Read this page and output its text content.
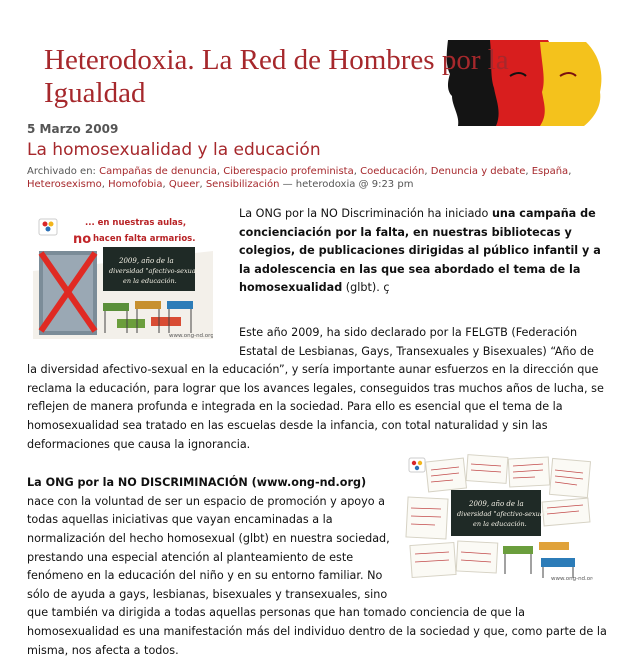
Heterodoxia. La Red de Hombres por la
Igualdad

5 Marzo 2009

La homosexualidad y la educación
Archivado en: Campañas de denuncia, Ciberespacio profeminista, Coeducación, Denuncia y debate, España, Heterosexismo, Homofobia, Queer, Sensibilización — heterodoxia @ 9:23 pm
... en nuestras aulas,
no hacen falta armarios.
2009, año de la
diversidad "afectivo-sexual"
en la educación.
www.ong-nd.org

La ONG por la NO Discriminación ha iniciado una campaña de concienciación por la falta, en nuestras bibliotecas y colegios, de publicaciones dirigidas al público infantil y a la adolescencia en las que sea abordado el tema de la homosexualidad (glbt). ç

Este año 2009, ha sido declarado por la FELGTB (Federación Estatal de Lesbianas, Gays, Transexuales y Bisexuales) “Año de la diversidad afectivo-sexual en la educación”, y sería importante aunar esfuerzos en la dirección que reclama la educación, para lograr que los avances legales, conseguidos tras muchos años de lucha, se reflejen de manera profunda e integrada en la sociedad. Para ello es esencial que el tema de la homosexualidad sea tratado en las escuelas desde la infancia, con total naturalidad y sin las deformaciones que causa la ignorancia.

2009, año de la
diversidad "afectivo-sexual"
en la educación.
www.ong-nd.org

La ONG por la NO DISCRIMINACIÓN (www.ong-nd.org) nace con la voluntad de ser un espacio de promoción y apoyo a todas aquellas iniciativas que vayan encaminadas a la normalización del hecho homosexual (glbt) en nuestra sociedad, prestando una especial atención al planteamiento de este fenómeno en la educación del niño y en su entorno familiar. No sólo de ayuda a gays, lesbianas, bisexuales y transexuales, sino que también va dirigida a todas aquellas personas que han tomado conciencia de que la homosexualidad es una manifestación más del individuo dentro de la sociedad y que, como parte de la misma, nos afecta a todos.
